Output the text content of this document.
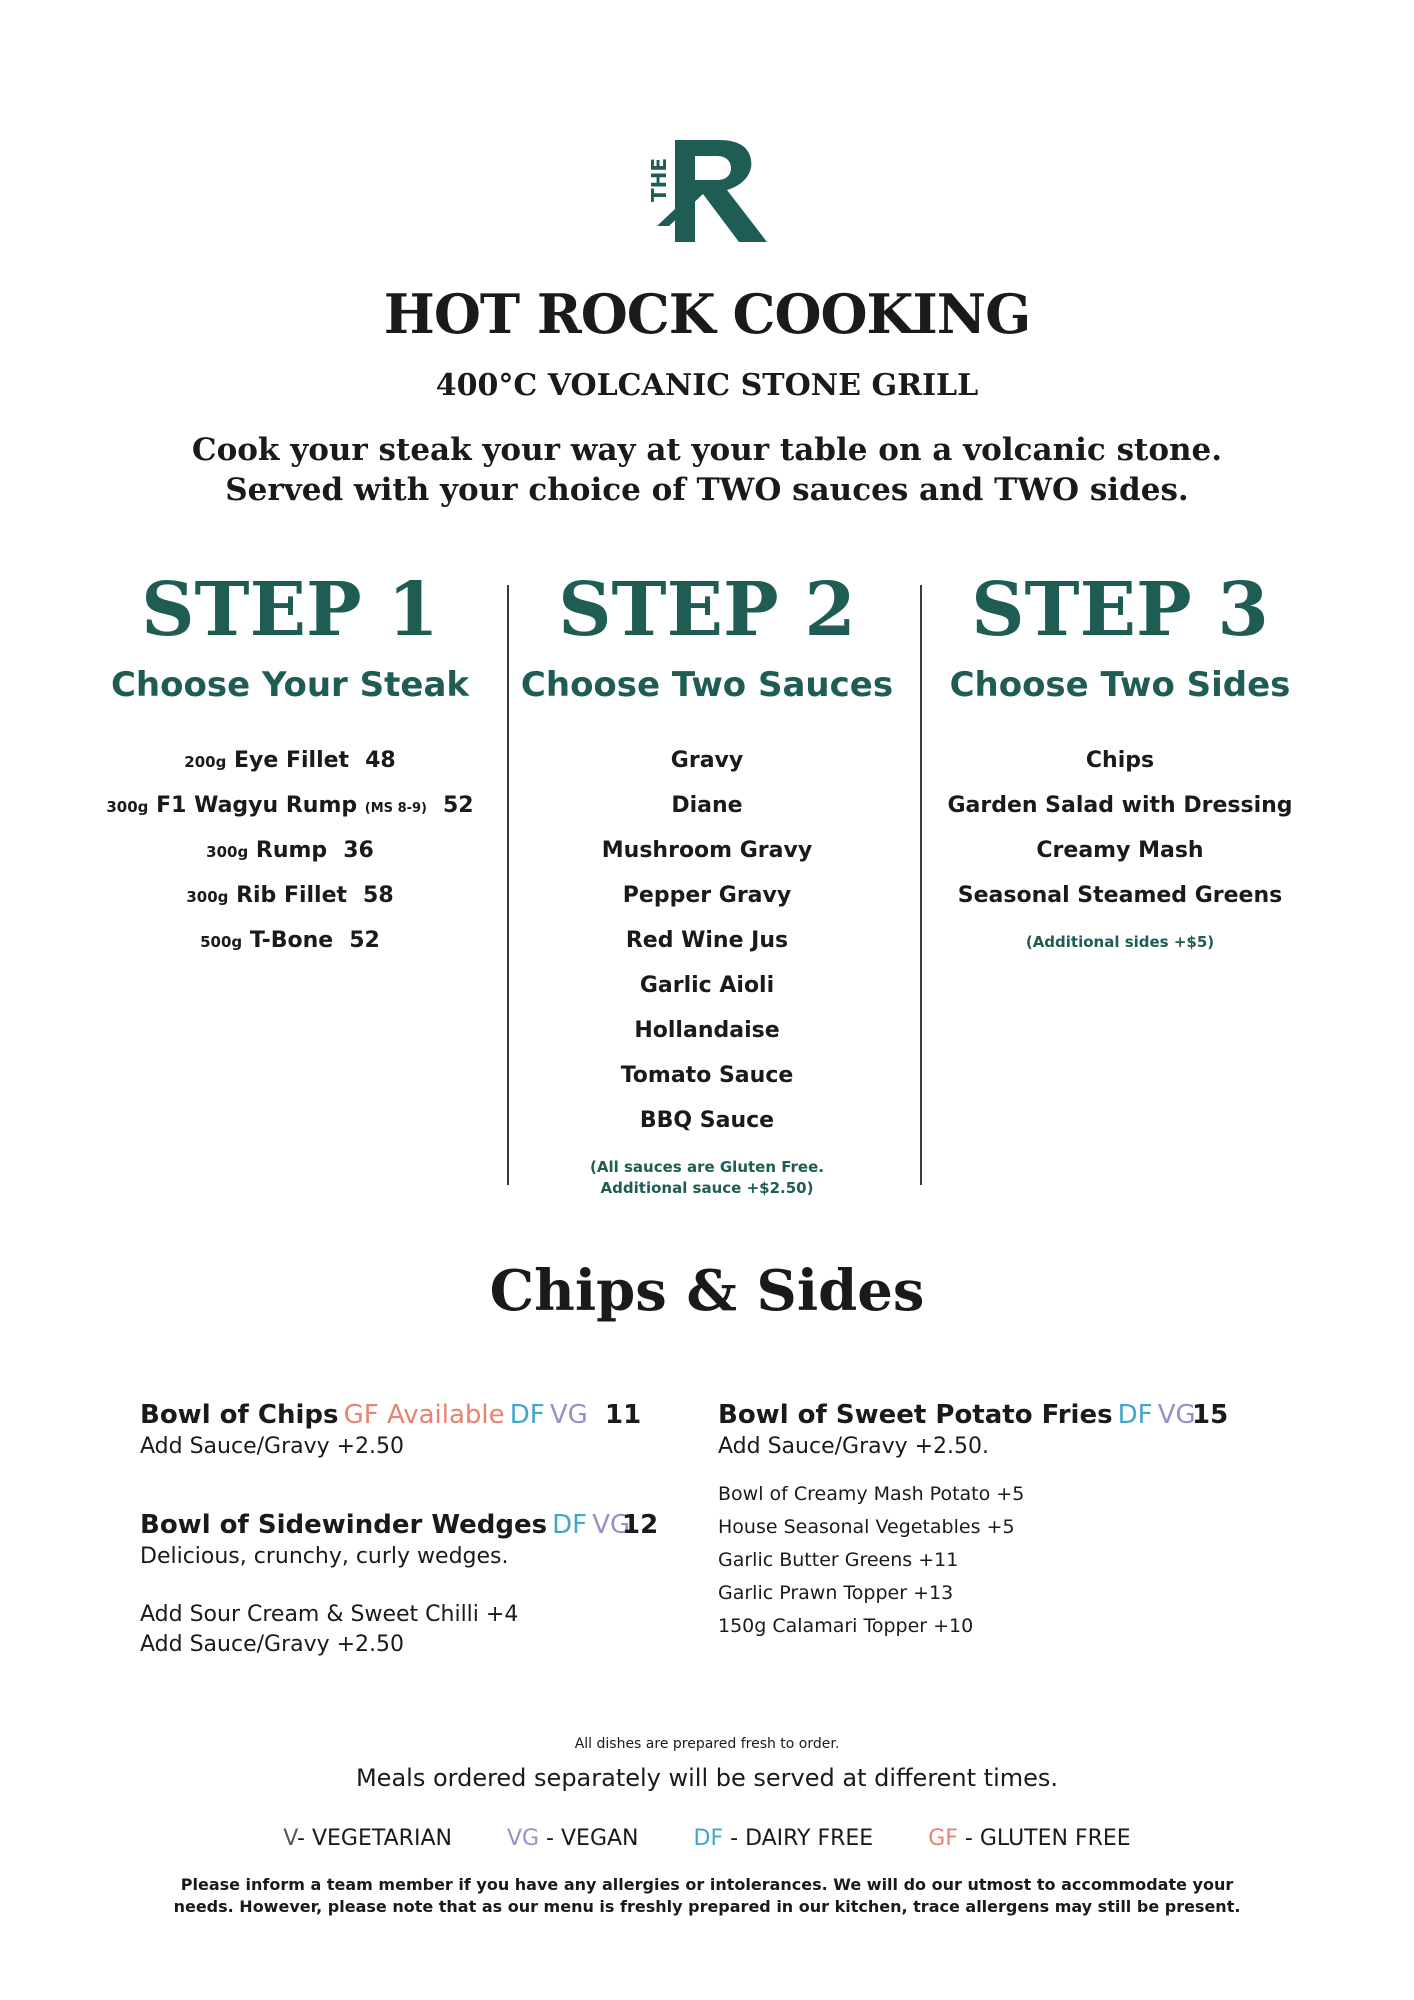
THE
HOT ROCK COOKING
400°C VOLCANIC STONE GRILL
Cook your steak your way at your table on a volcanic stone.
Served with your choice of TWO sauces and TWO sides.
STEP 1
Choose Your Steak
200g Eye Fillet 48
300g F1 Wagyu Rump (MS 8-9) 52
300g Rump 36
300g Rib Fillet 58
500g T-Bone 52
STEP 2
Choose Two Sauces
Gravy
Diane
Mushroom Gravy
Pepper Gravy
Red Wine Jus
Garlic Aioli
Hollandaise
Tomato Sauce
BBQ Sauce
(All sauces are Gluten Free.
Additional sauce +$2.50)
STEP 3
Choose Two Sides
Chips
Garden Salad with Dressing
Creamy Mash
Seasonal Steamed Greens
(Additional sides +$5)
Chips & Sides
Bowl of Chips GF Available DF VG 11
Add Sauce/Gravy +2.50
Bowl of Sidewinder Wedges DF VG
12
Delicious, crunchy, curly wedges.
Add Sour Cream & Sweet Chilli +4
Add Sauce/Gravy +2.50
Bowl of Sweet Potato Fries DF VG
15
Add Sauce/Gravy +2.50.
Bowl of Creamy Mash Potato +5
House Seasonal Vegetables +5
Garlic Butter Greens +11
Garlic Prawn Topper +13
150g Calamari Topper +10
All dishes are prepared fresh to order.
Meals ordered separately will be served at different times.
V- VEGETARIAN	VG - VEGAN	DF - DAIRY FREE	GF - GLUTEN FREE
Please inform a team member if you have any allergies or intolerances. We will do our utmost to accommodate your
needs. However, please note that as our menu is freshly prepared in our kitchen, trace allergens may still be present.
